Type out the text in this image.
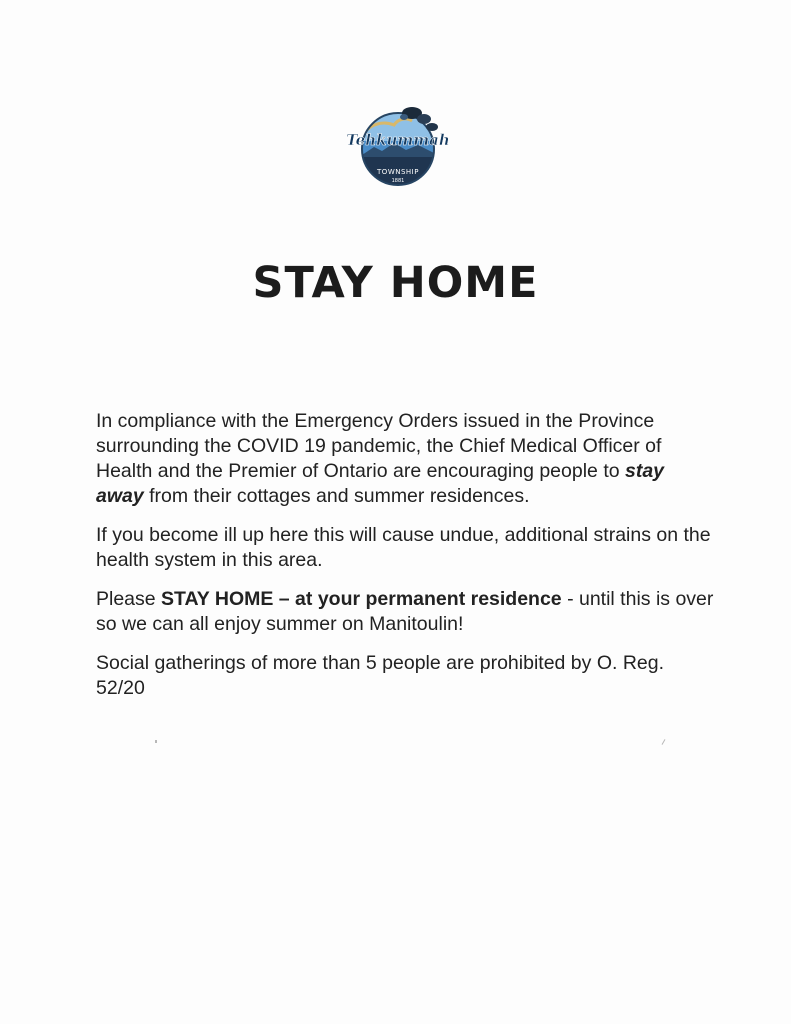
Tehkummah
TOWNSHIP
1881
STAY HOME

In compliance with the Emergency Orders issued in the Province surrounding the COVID 19 pandemic, the Chief Medical Officer of Health and the Premier of Ontario are encouraging people to stay away from their cottages and summer residences.

If you become ill up here this will cause undue, additional strains on the health system in this area.

Please STAY HOME – at your permanent residence - until this is over so we can all enjoy summer on Manitoulin!

Social gatherings of more than 5 people are prohibited by O. Reg. 52/20
